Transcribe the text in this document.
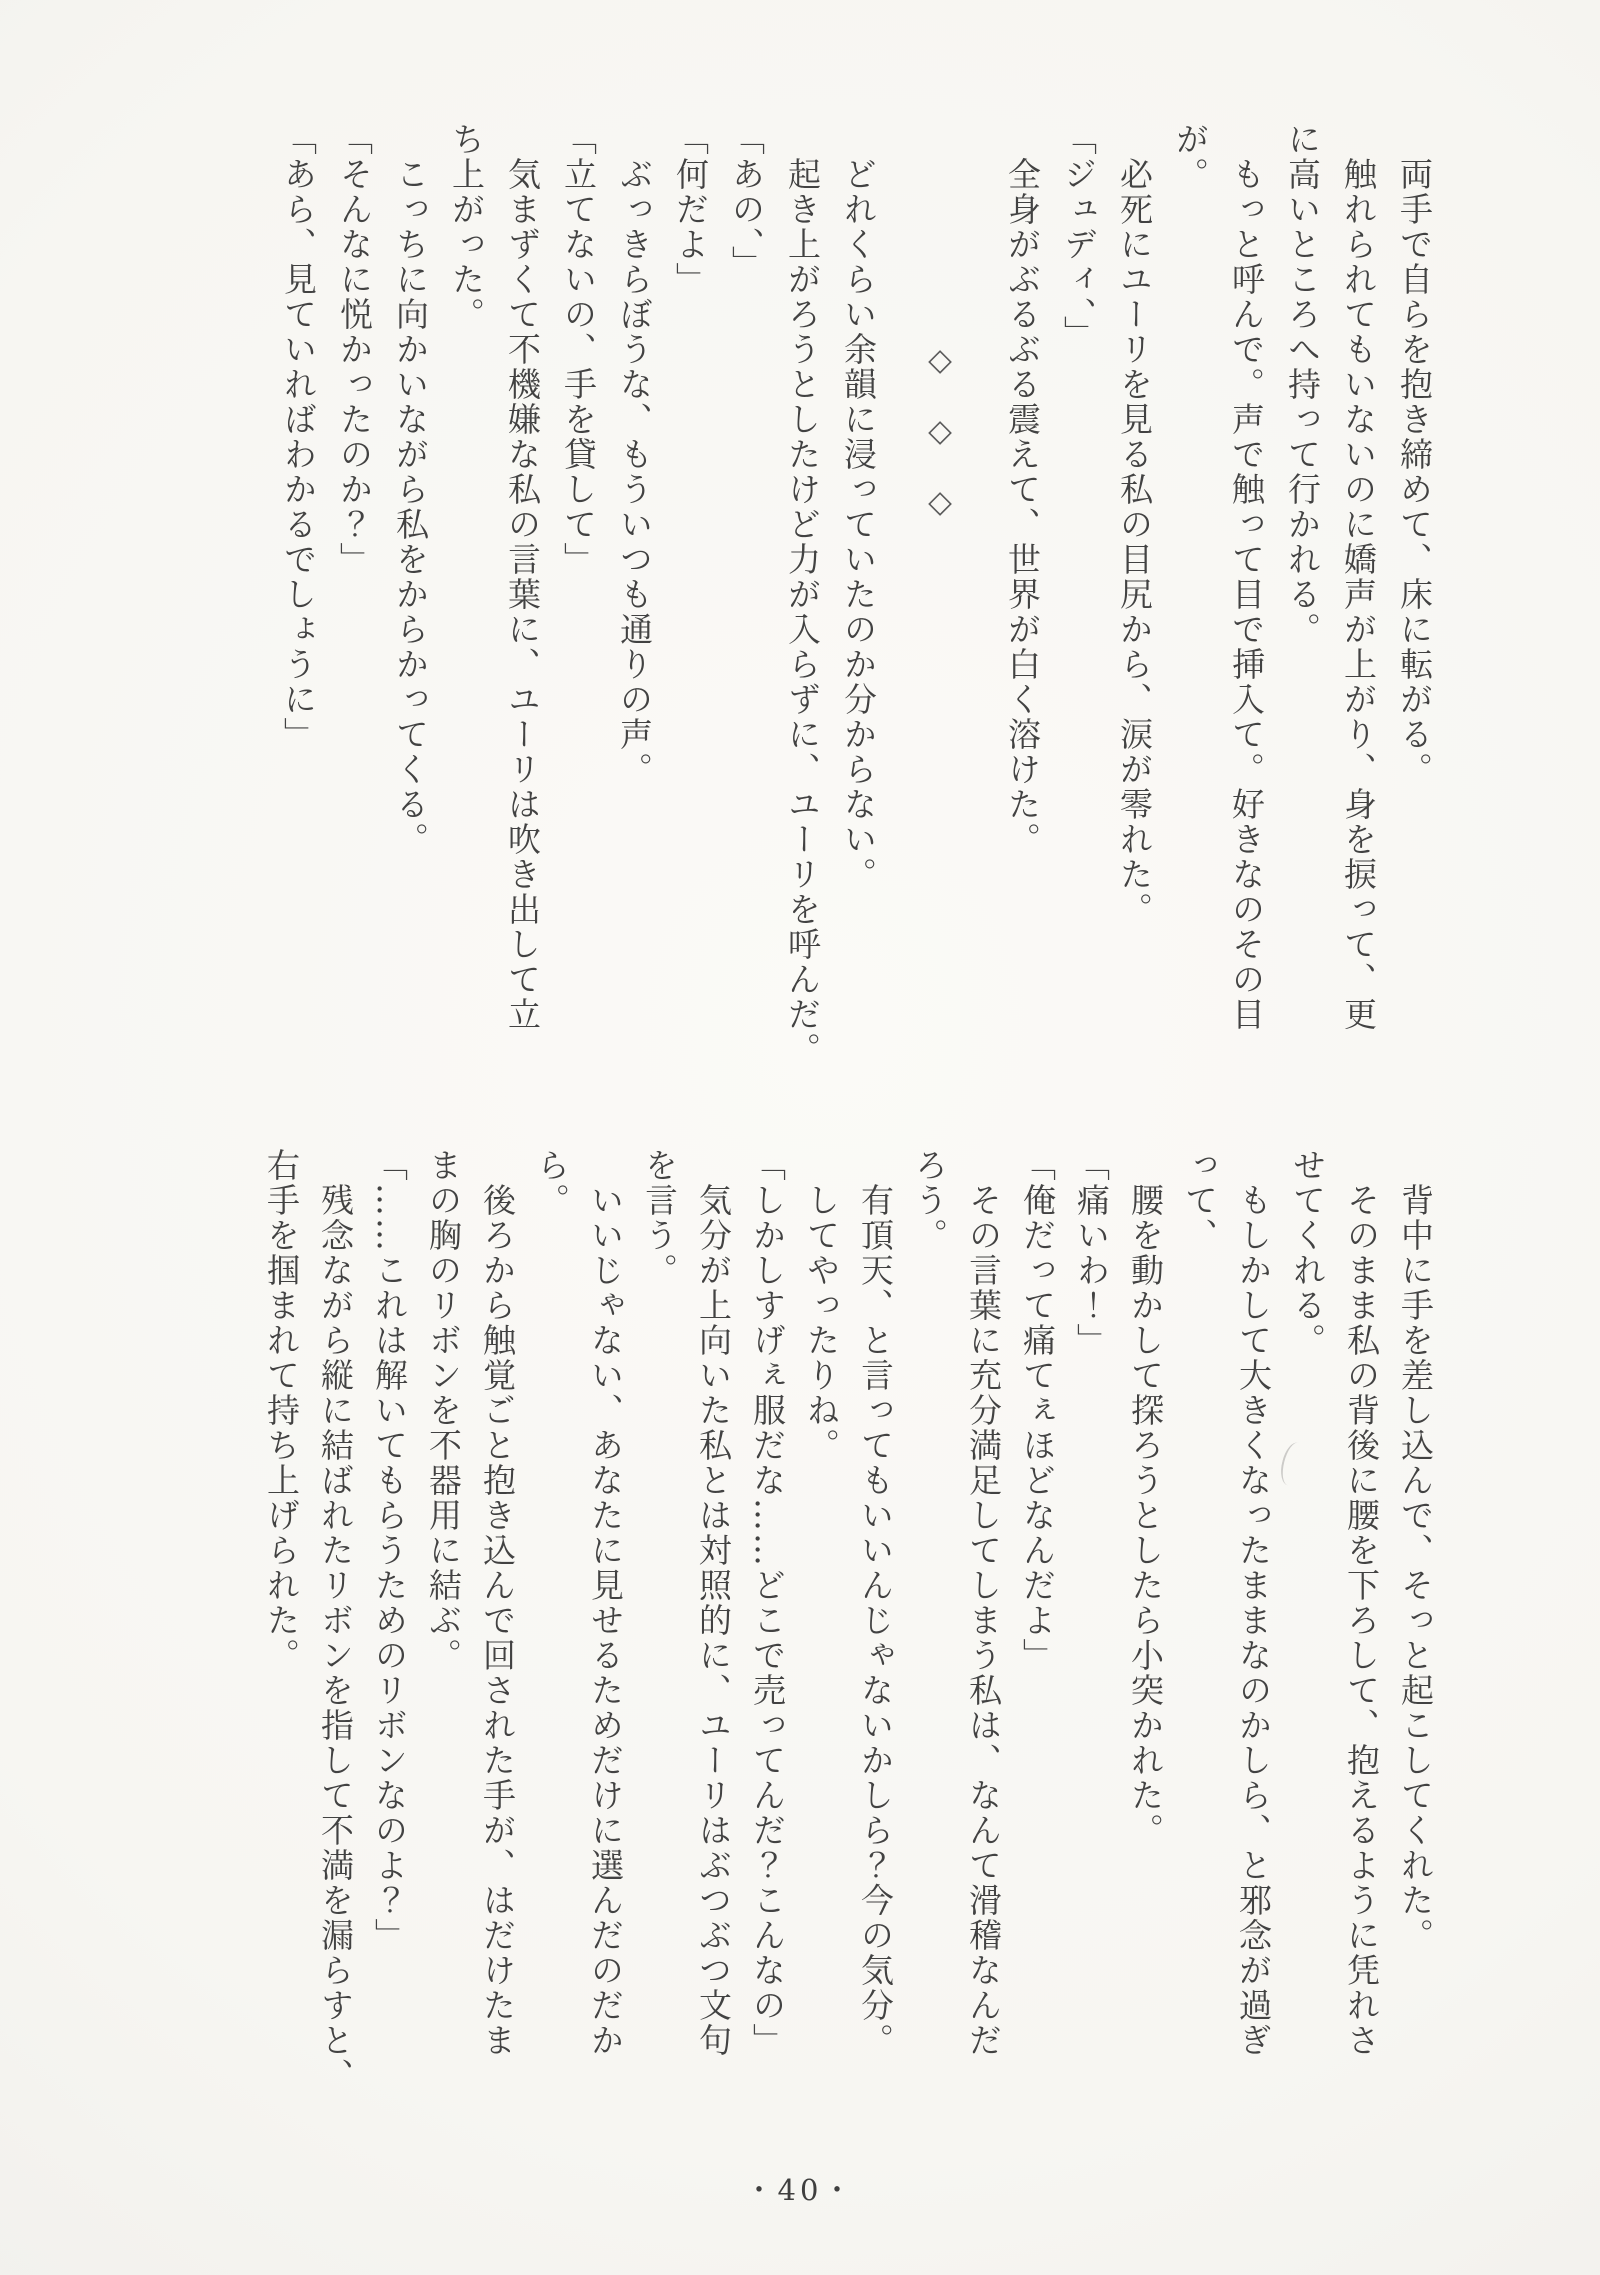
両手で自らを抱き締めて、床に転がる。

触れられてもいないのに嬌声が上がり、身を捩って、更

に高いところへ持って行かれる。

もっと呼んで。声で触って目で挿入て。好きなのその目

が。

必死にユーリを見る私の目尻から、涙が零れた。

「ジュディ、」

全身がぶるぶる震えて、世界が白く溶けた。

◇　◇　◇

どれくらい余韻に浸っていたのか分からない。

起き上がろうとしたけど力が入らずに、ユーリを呼んだ。

「あの、」

「何だよ」

ぶっきらぼうな、もういつも通りの声。

「立てないの、手を貸して」

気まずくて不機嫌な私の言葉に、ユーリは吹き出して立

ち上がった。

こっちに向かいながら私をからかってくる。

「そんなに悦かったのか？」

「あら、見ていればわかるでしょうに」

背中に手を差し込んで、そっと起こしてくれた。

そのまま私の背後に腰を下ろして、抱えるように凭れさ

せてくれる。

もしかして大きくなったままなのかしら、と邪念が過ぎ

って、

腰を動かして探ろうとしたら小突かれた。

「痛いわ！」

「俺だって痛てぇほどなんだよ」

その言葉に充分満足してしまう私は、なんて滑稽なんだ

ろう。

有頂天、と言ってもいいんじゃないかしら？今の気分。

してやったりね。

「しかしすげぇ服だな……どこで売ってんだ？こんなの」

気分が上向いた私とは対照的に、ユーリはぶつぶつ文句

を言う。

いいじゃない、あなたに見せるためだけに選んだのだか

ら。

後ろから触覚ごと抱き込んで回された手が、はだけたま

まの胸のリボンを不器用に結ぶ。

「……これは解いてもらうためのリボンなのよ？」

残念ながら縦に結ばれたリボンを指して不満を漏らすと、

右手を掴まれて持ち上げられた。

・40・
